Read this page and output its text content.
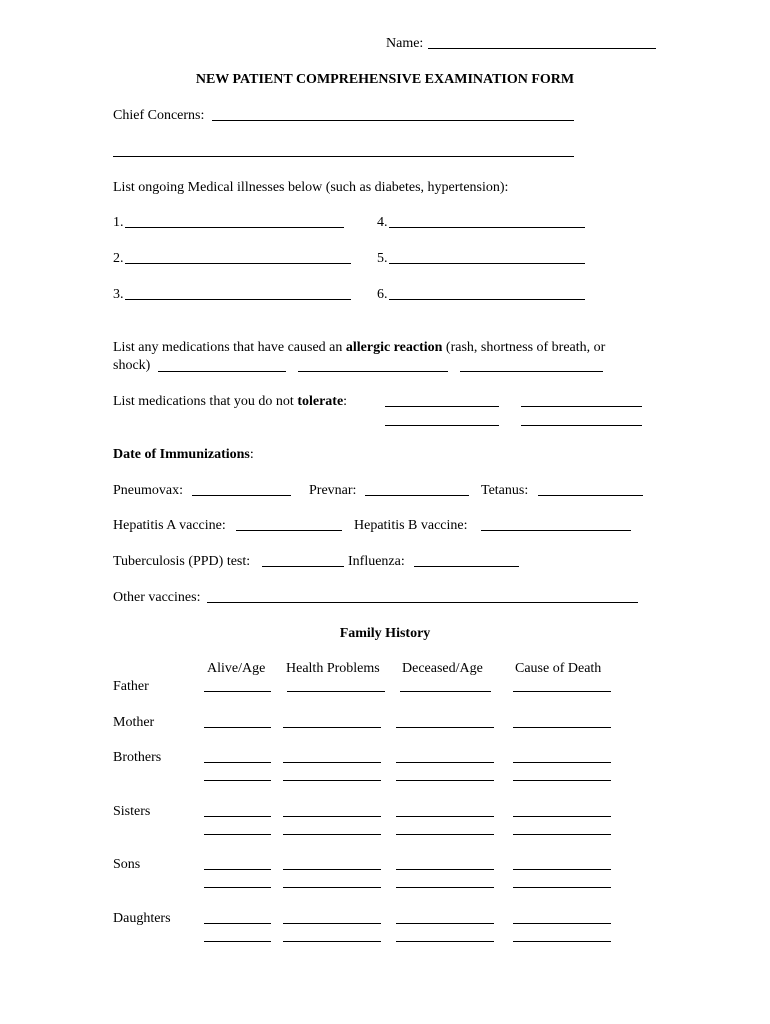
Name:
NEW PATIENT COMPREHENSIVE EXAMINATION FORM
Chief Concerns:
List ongoing Medical illnesses below (such as diabetes, hypertension):
1.	4.
2.	5.
3.	6.
List any medications that have caused an allergic reaction (rash, shortness of breath, or
shock)
List medications that you do not tolerate:
Date of Immunizations:
Pneumovax:	Prevnar:	Tetanus:
Hepatitis A vaccine:	Hepatitis B vaccine:
Tuberculosis (PPD) test:	Influenza:
Other vaccines:
Family History
Alive/Age Health Problems Deceased/Age Cause of Death
Father
Mother
Brothers
Sisters
Sons
Daughters
